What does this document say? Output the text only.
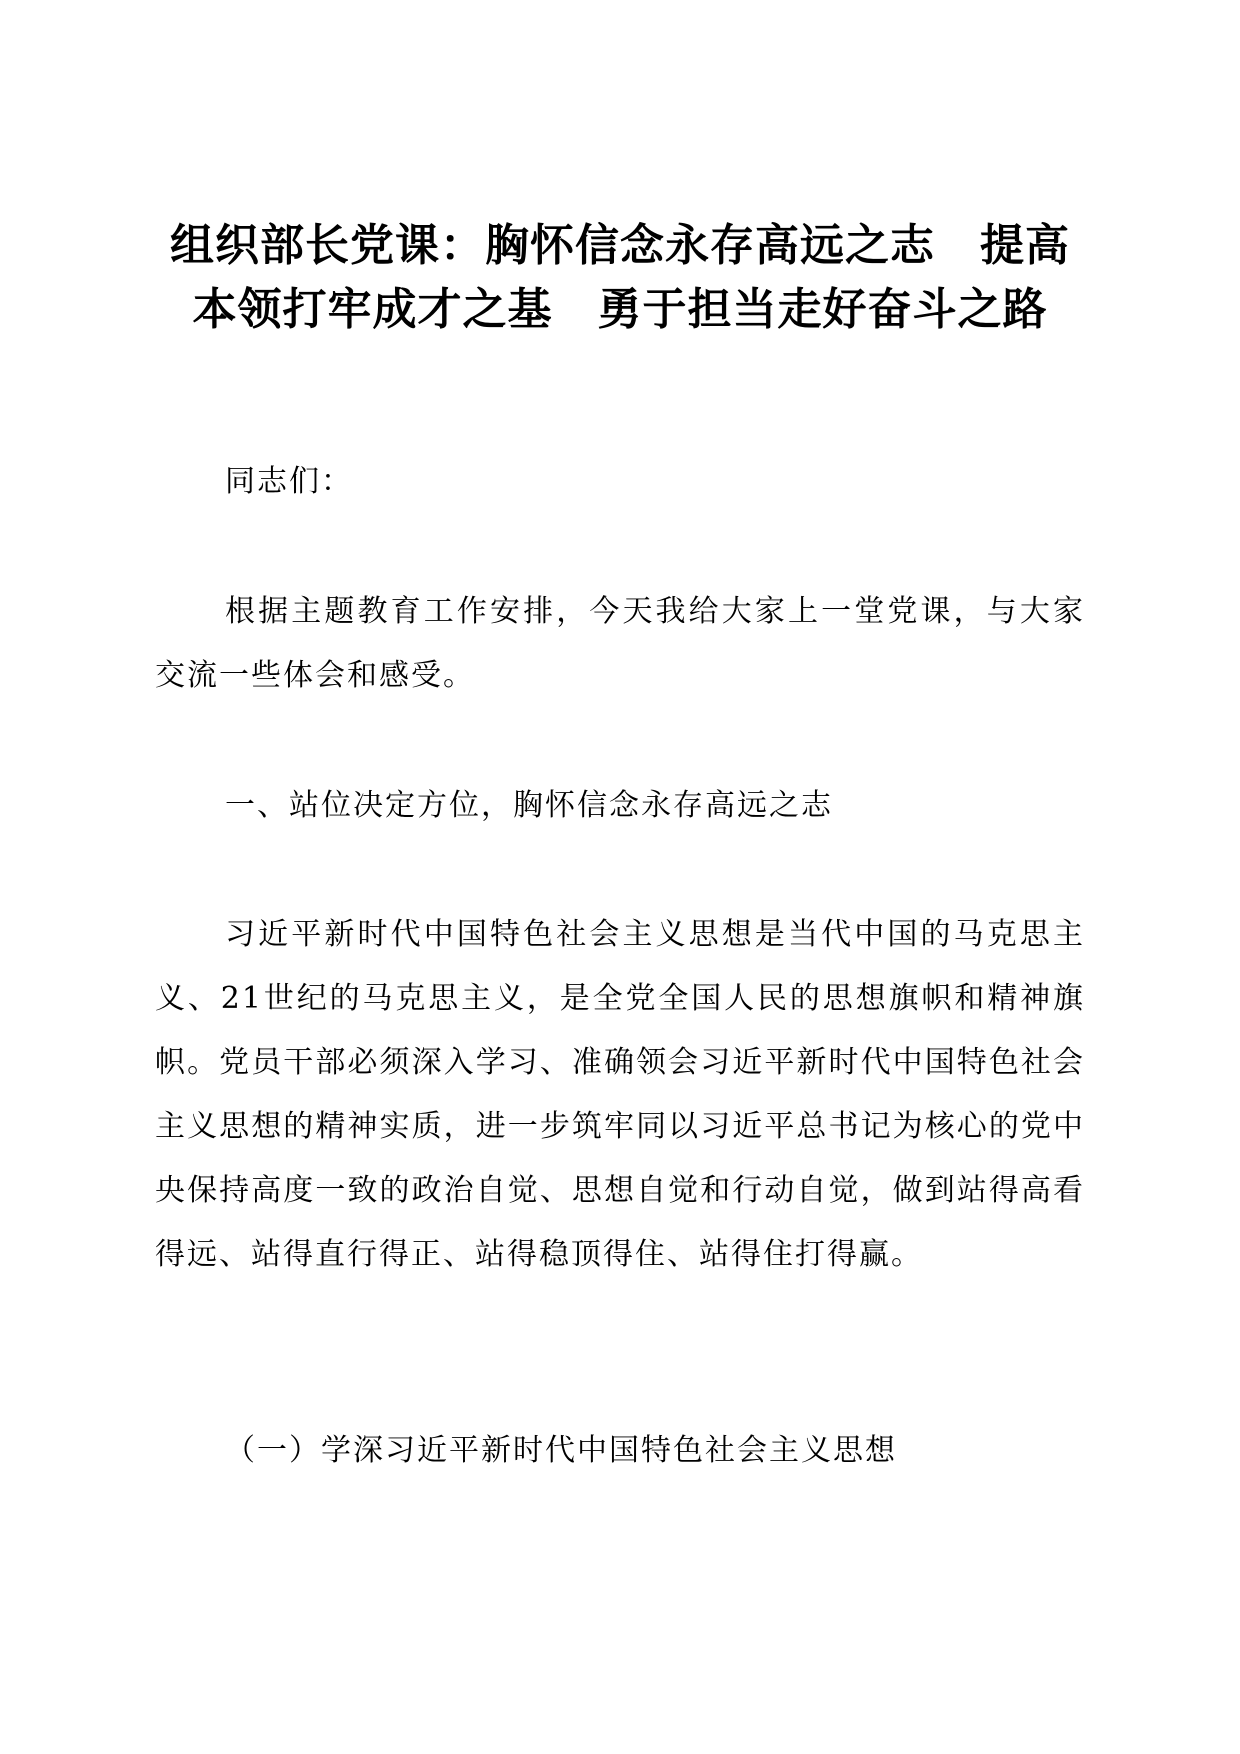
组织部长党课：胸怀信念永存高远之志　提高
本领打牢成才之基　勇于担当走好奋斗之路

同志们：

根据主题教育工作安排，今天我给大家上一堂党课，与大家交流一些体会和感受。

一、站位决定方位，胸怀信念永存高远之志

习近平新时代中国特色社会主义思想是当代中国的马克思主义、21世纪的马克思主义，是全党全国人民的思想旗帜和精神旗帜。党员干部必须深入学习、准确领会习近平新时代中国特色社会主义思想的精神实质，进一步筑牢同以习近平总书记为核心的党中央保持高度一致的政治自觉、思想自觉和行动自觉，做到站得高看得远、站得直行得正、站得稳顶得住、站得住打得赢。

（一）学深习近平新时代中国特色社会主义思想
